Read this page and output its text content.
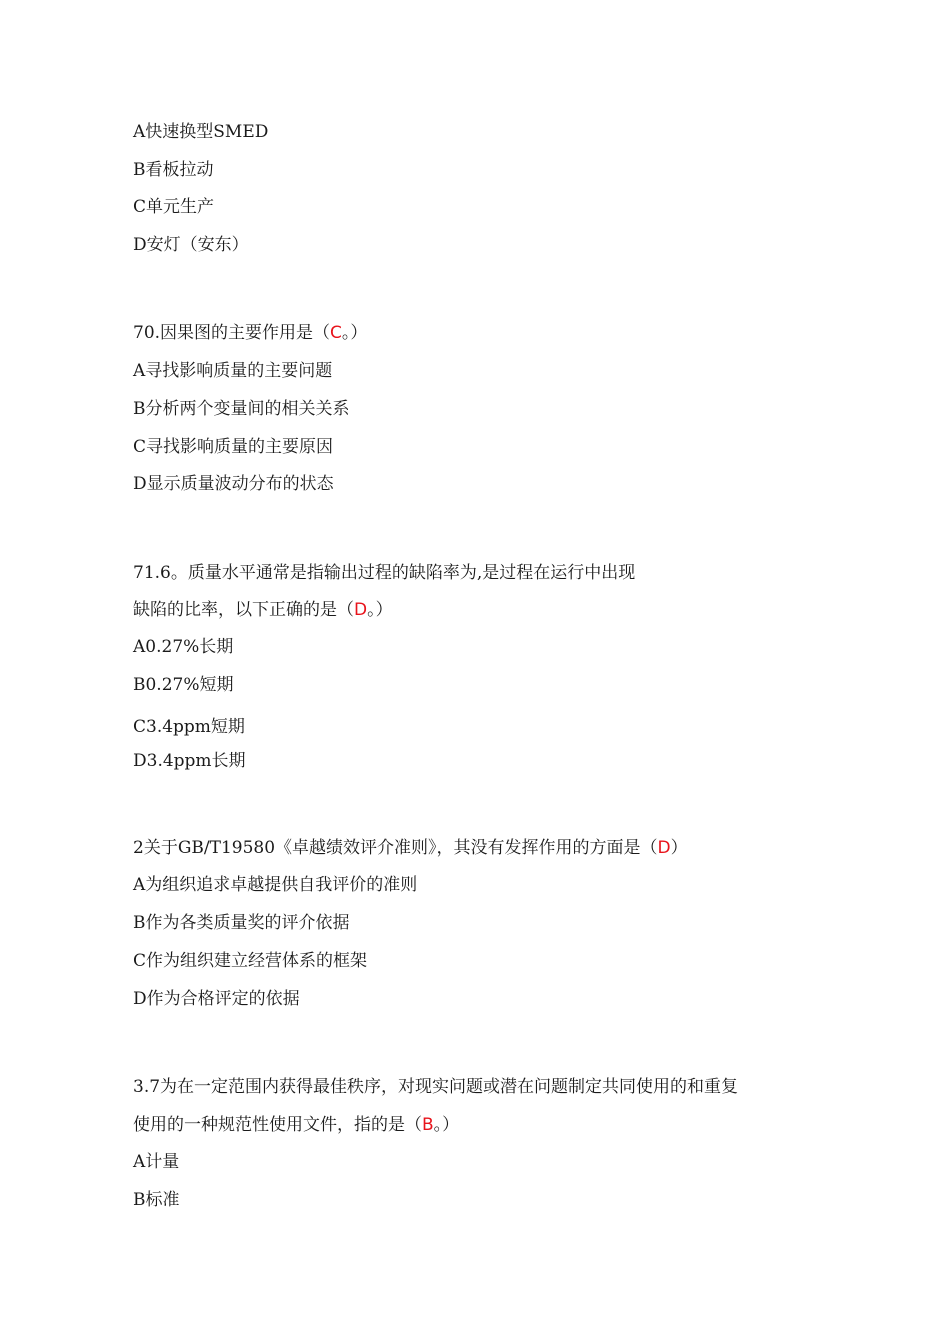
A快速换型SMED
B看板拉动
C单元生产
D安灯（安东）
70.因果图的主要作用是（C。）
A寻找影响质量的主要问题
B分析两个变量间的相关关系
C寻找影响质量的主要原因
D显示质量波动分布的状态
71.6。质量水平通常是指输出过程的缺陷率为,是过程在运行中出现
缺陷的比率，以下正确的是（D。）
A0.27%长期
B0.27%短期
C3.4ppm短期
D3.4ppm长期
2关于GB/T19580《卓越绩效评介准则》，其没有发挥作用的方面是（D）
A为组织追求卓越提供自我评价的准则
B作为各类质量奖的评介依据
C作为组织建立经营体系的框架
D作为合格评定的依据
3.7为在一定范围内获得最佳秩序，对现实问题或潜在问题制定共同使用的和重复
使用的一种规范性使用文件，指的是（B。）
A计量
B标准
